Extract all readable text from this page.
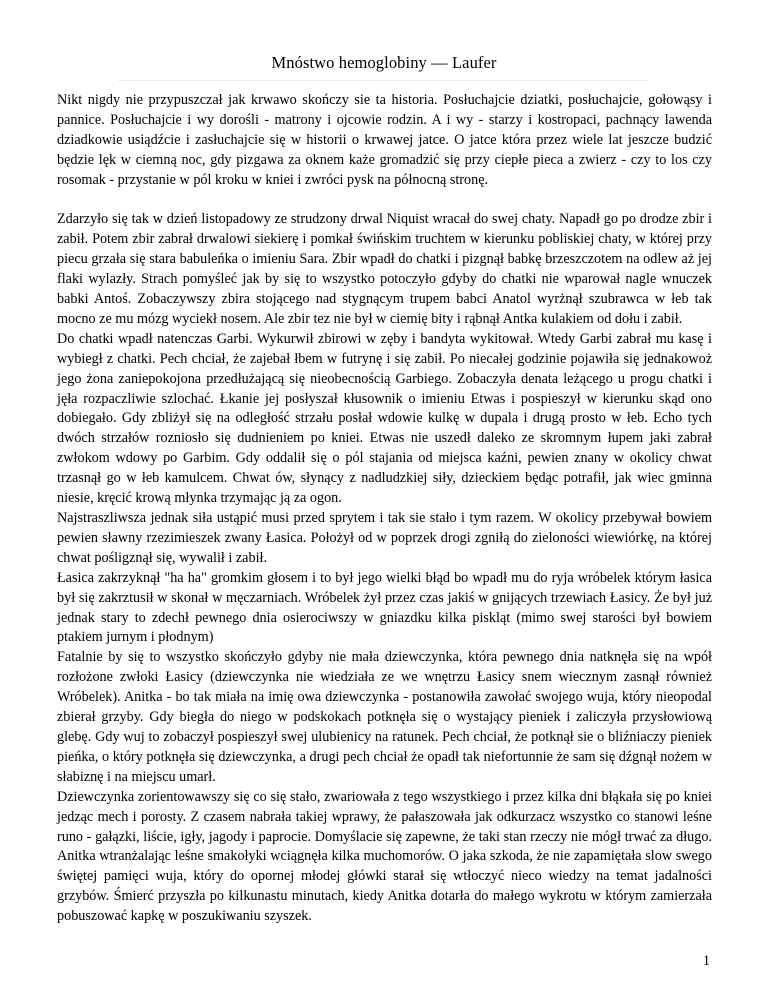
Mnóstwo hemoglobiny — Laufer

Nikt nigdy nie przypuszczał jak krwawo skończy sie ta historia. Posłuchajcie dziatki, posłuchajcie, gołowąsy i pannice. Posłuchajcie i wy dorośli - matrony i ojcowie rodzin. A i wy - starzy i kostropaci, pachnący lawenda dziadkowie usiądźcie i zasłuchajcie się w historii o krwawej jatce. O jatce która przez wiele lat jeszcze budzić będzie lęk w ciemną noc, gdy pizgawa za oknem każe gromadzić się przy ciepłe pieca a zwierz - czy to los czy rosomak - przystanie w pól kroku w kniei i zwróci pysk na północną stronę.

Zdarzyło się tak w dzień listopadowy ze strudzony drwal Niquist wracał do swej chaty. Napadł go po drodze zbir i zabił. Potem zbir zabrał drwalowi siekierę i pomkał świńskim truchtem w kierunku pobliskiej chaty, w której przy piecu grzała się stara babuleńka o imieniu Sara. Zbir wpadł do chatki i pizgnął babkę brzeszczotem na odlew aż jej flaki wylazły. Strach pomyśleć jak by się to wszystko potoczyło gdyby do chatki nie wparował nagle wnuczek babki Antoś. Zobaczywszy zbira stojącego nad stygnącym trupem babci Anatol wyrżnął szubrawca w łeb tak mocno ze mu mózg wyciekł nosem. Ale zbir tez nie był w ciemię bity i rąbnął Antka kulakiem od dołu i zabił.

Do chatki wpadł natenczas Garbi. Wykurwił zbirowi w zęby i bandyta wykitował. Wtedy Garbi zabrał mu kasę i wybiegł z chatki. Pech chciał, że zajebał łbem w futrynę i się zabił. Po niecałej godzinie pojawiła się jednakowoż jego żona zaniepokojona przedłużającą się nieobecnością Garbiego. Zobaczyła denata leżącego u progu chatki i jęła rozpaczliwie szlochać. Łkanie jej posłyszał kłusownik o imieniu Etwas i pospieszył w kierunku skąd ono dobiegało. Gdy zbliżył się na odległość strzału posłał wdowie kulkę w dupala i drugą prosto w łeb. Echo tych dwóch strzałów rozniosło się dudnieniem po kniei. Etwas nie uszedł daleko ze skromnym łupem jaki zabrał zwłokom wdowy po Garbim. Gdy oddalił się o pól stajania od miejsca kaźni, pewien znany w okolicy chwat trzasnął go w łeb kamulcem. Chwat ów, słynący z nadludzkiej siły, dzieckiem będąc potrafił, jak wiec gminna niesie, kręcić krową młynka trzymając ją za ogon.

Najstraszliwsza jednak siła ustąpić musi przed sprytem i tak sie stało i tym razem. W okolicy przebywał bowiem pewien sławny rzezimieszek zwany Łasica. Położył od w poprzek drogi zgniłą do zieloności wiewiórkę, na której chwat pośligznął się, wywalił i zabił.

Łasica zakrzyknął "ha ha" gromkim głosem i to był jego wielki błąd bo wpadł mu do ryja wróbelek którym łasica był się zakrztusił w skonał w męczarniach. Wróbelek żył przez czas jakiś w gnijących trzewiach Łasicy. Że był już jednak stary to zdechł pewnego dnia osierociwszy w gniazdku kilka piskląt (mimo swej starości był bowiem ptakiem jurnym i płodnym)

Fatalnie by się to wszystko skończyło gdyby nie mała dziewczynka, która pewnego dnia natknęła się na wpół rozłożone zwłoki Łasicy (dziewczynka nie wiedziała ze we wnętrzu Łasicy snem wiecznym zasnął również Wróbelek). Anitka - bo tak miała na imię owa dziewczynka - postanowiła zawołać swojego wuja, który nieopodal zbierał grzyby. Gdy biegła do niego w podskokach potknęła się o wystający pieniek i zaliczyła przysłowiową glebę. Gdy wuj to zobaczył pospieszył swej ulubienicy na ratunek. Pech chciał, że potknął sie o bliźniaczy pieniek pieńka, o który potknęła się dziewczynka, a drugi pech chciał że opadł tak niefortunnie że sam się dźgnął nożem w słabiznę i na miejscu umarł.

Dziewczynka zorientowawszy się co się stało, zwariowała z tego wszystkiego i przez kilka dni błąkała się po kniei jedząc mech i porosty. Z czasem nabrała takiej wprawy, że pałaszowała jak odkurzacz wszystko co stanowi leśne runo - gałązki, liście, igły, jagody i paprocie. Domyślacie się zapewne, że taki stan rzeczy nie mógł trwać za długo. Anitka wtranżalając leśne smakołyki wciągnęła kilka muchomorów. O jaka szkoda, że nie zapamiętała slow swego świętej pamięci wuja, który do opornej młodej główki starał się wtłoczyć nieco wiedzy na temat jadalności grzybów. Śmierć przyszła po kilkunastu minutach, kiedy Anitka dotarła do małego wykrotu w którym zamierzała pobuszować kapkę w poszukiwaniu szyszek.

1
